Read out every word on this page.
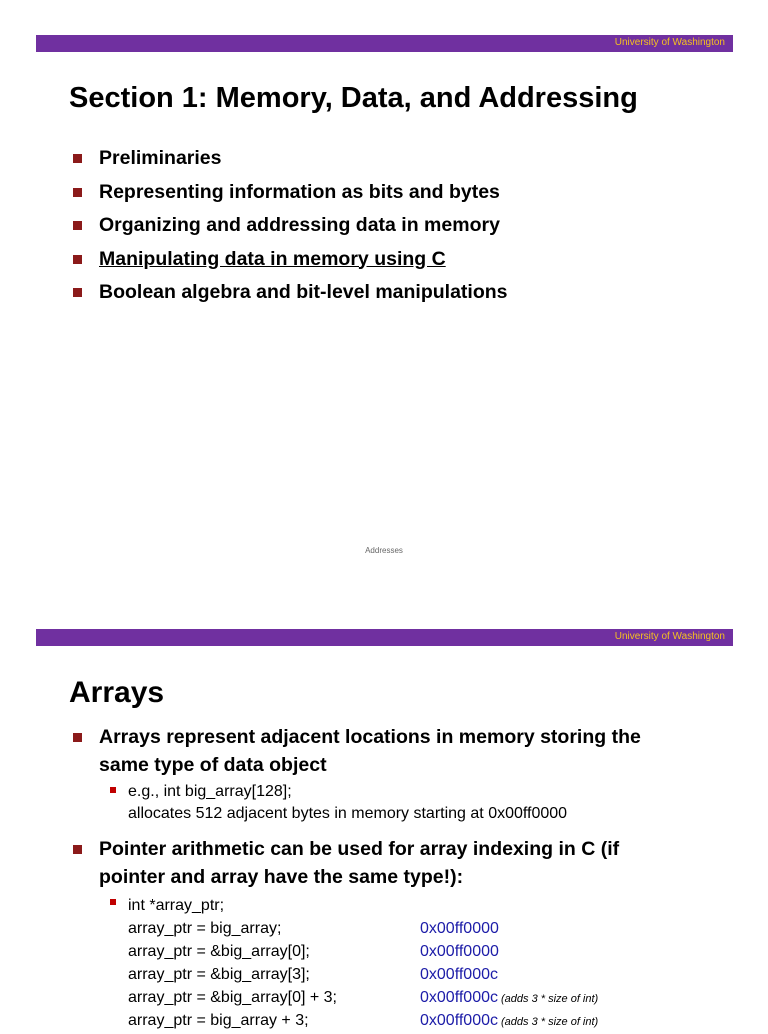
University of Washington
Section 1: Memory, Data, and Addressing
Preliminaries
Representing information as bits and bytes
Organizing and addressing data in memory
Manipulating data in memory using C
Boolean algebra and bit-level manipulations
Addresses
University of Washington
Arrays
Arrays represent adjacent locations in memory storing the
same type of data object
e.g., int big_array[128];
allocates 512 adjacent bytes in memory starting at 0x00ff0000
Pointer arithmetic can be used for array indexing in C (if
pointer and array have the same type!):
int *array_ptr;
array_ptr = big_array;
array_ptr = &big_array[0];
array_ptr = &big_array[3];
array_ptr = &big_array[0] + 3;
array_ptr = big_array + 3;
0x00ff0000
0x00ff0000
0x00ff000c
0x00ff000c (adds 3 * size of int)
0x00ff000c (adds 3 * size of int)
